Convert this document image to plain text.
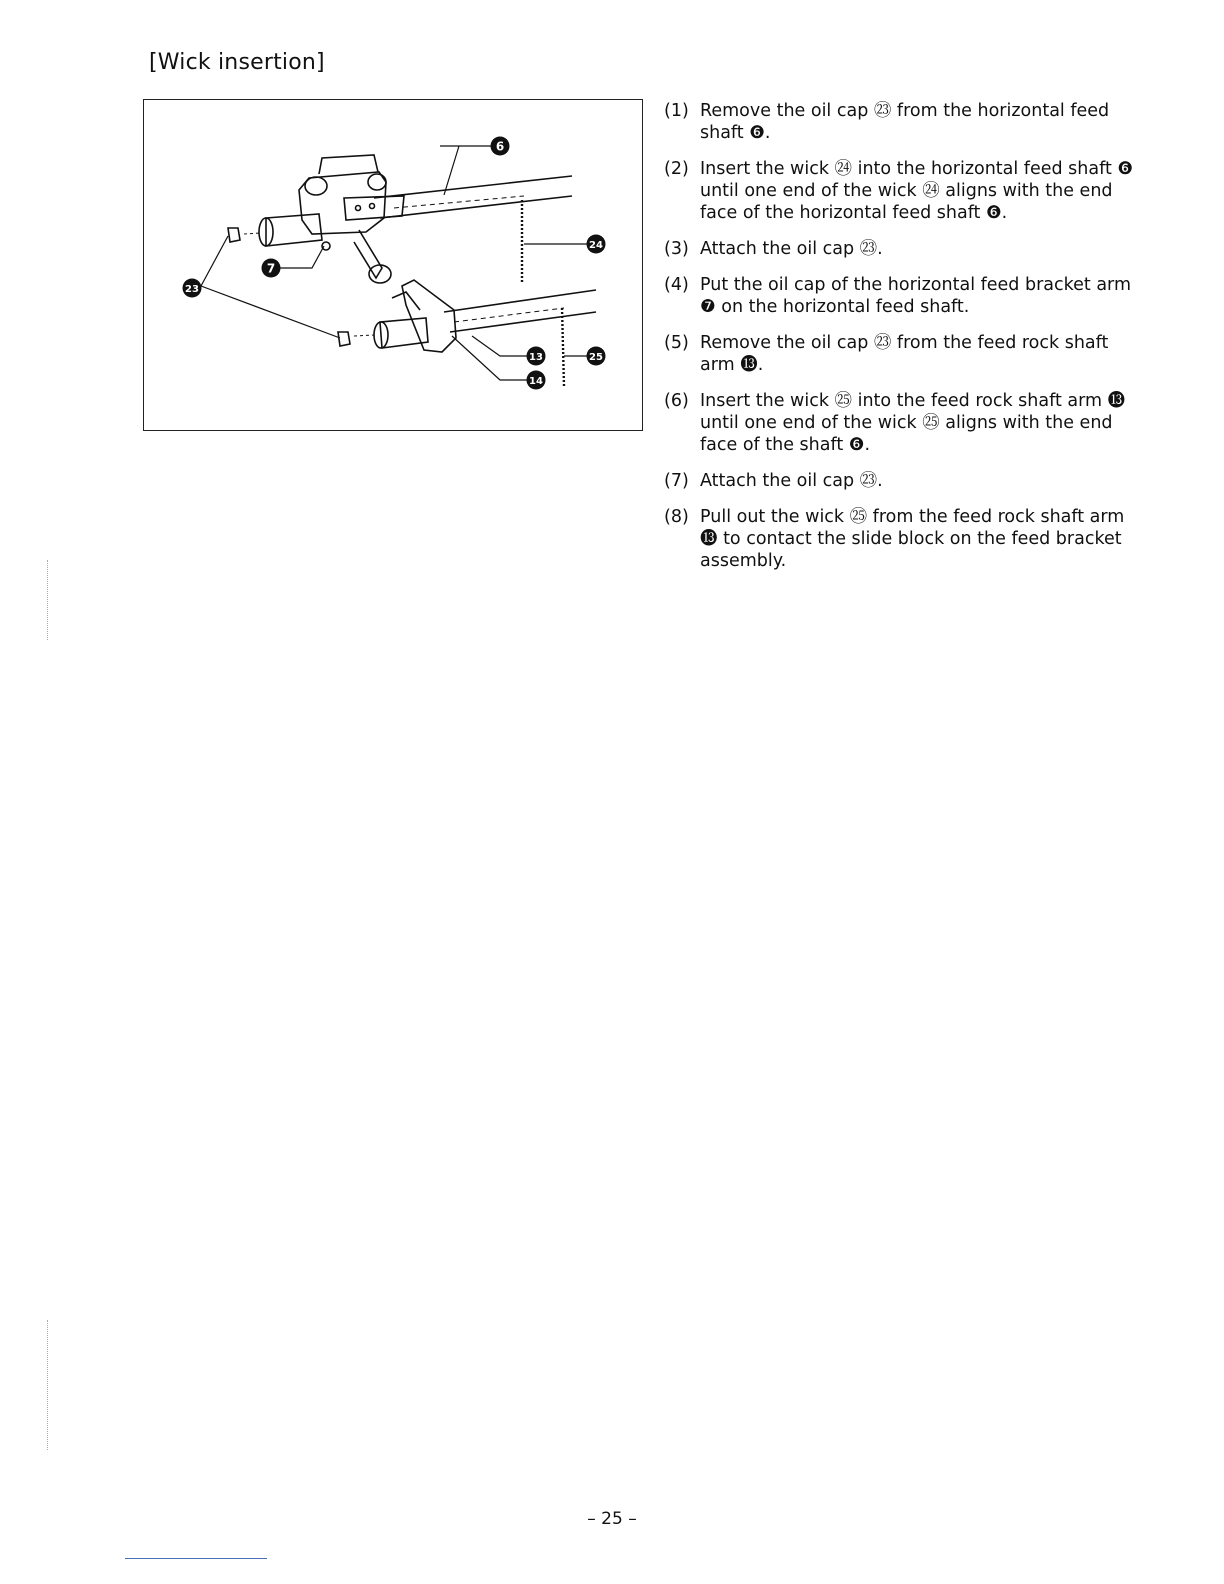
[Wick insertion]
6
7
24
23
13	25
14
(1) Remove the oil cap ㉓ from the horizontal feed shaft ❻.
(2) Insert the wick ㉔ into the horizontal feed shaft ❻ until one end of the wick ㉔ aligns with the end face of the horizontal feed shaft ❻.
(3) Attach the oil cap ㉓.
(4) Put the oil cap of the horizontal feed bracket arm ❼ on the horizontal feed shaft.
(5) Remove the oil cap ㉓ from the feed rock shaft arm ⓭.
(6) Insert the wick ㉕ into the feed rock shaft arm ⓭ until one end of the wick ㉕ aligns with the end face of the shaft ❻.
(7) Attach the oil cap ㉓.
(8) Pull out the wick ㉕ from the feed rock shaft arm ⓭ to contact the slide block on the feed bracket assembly.
– 25 –
